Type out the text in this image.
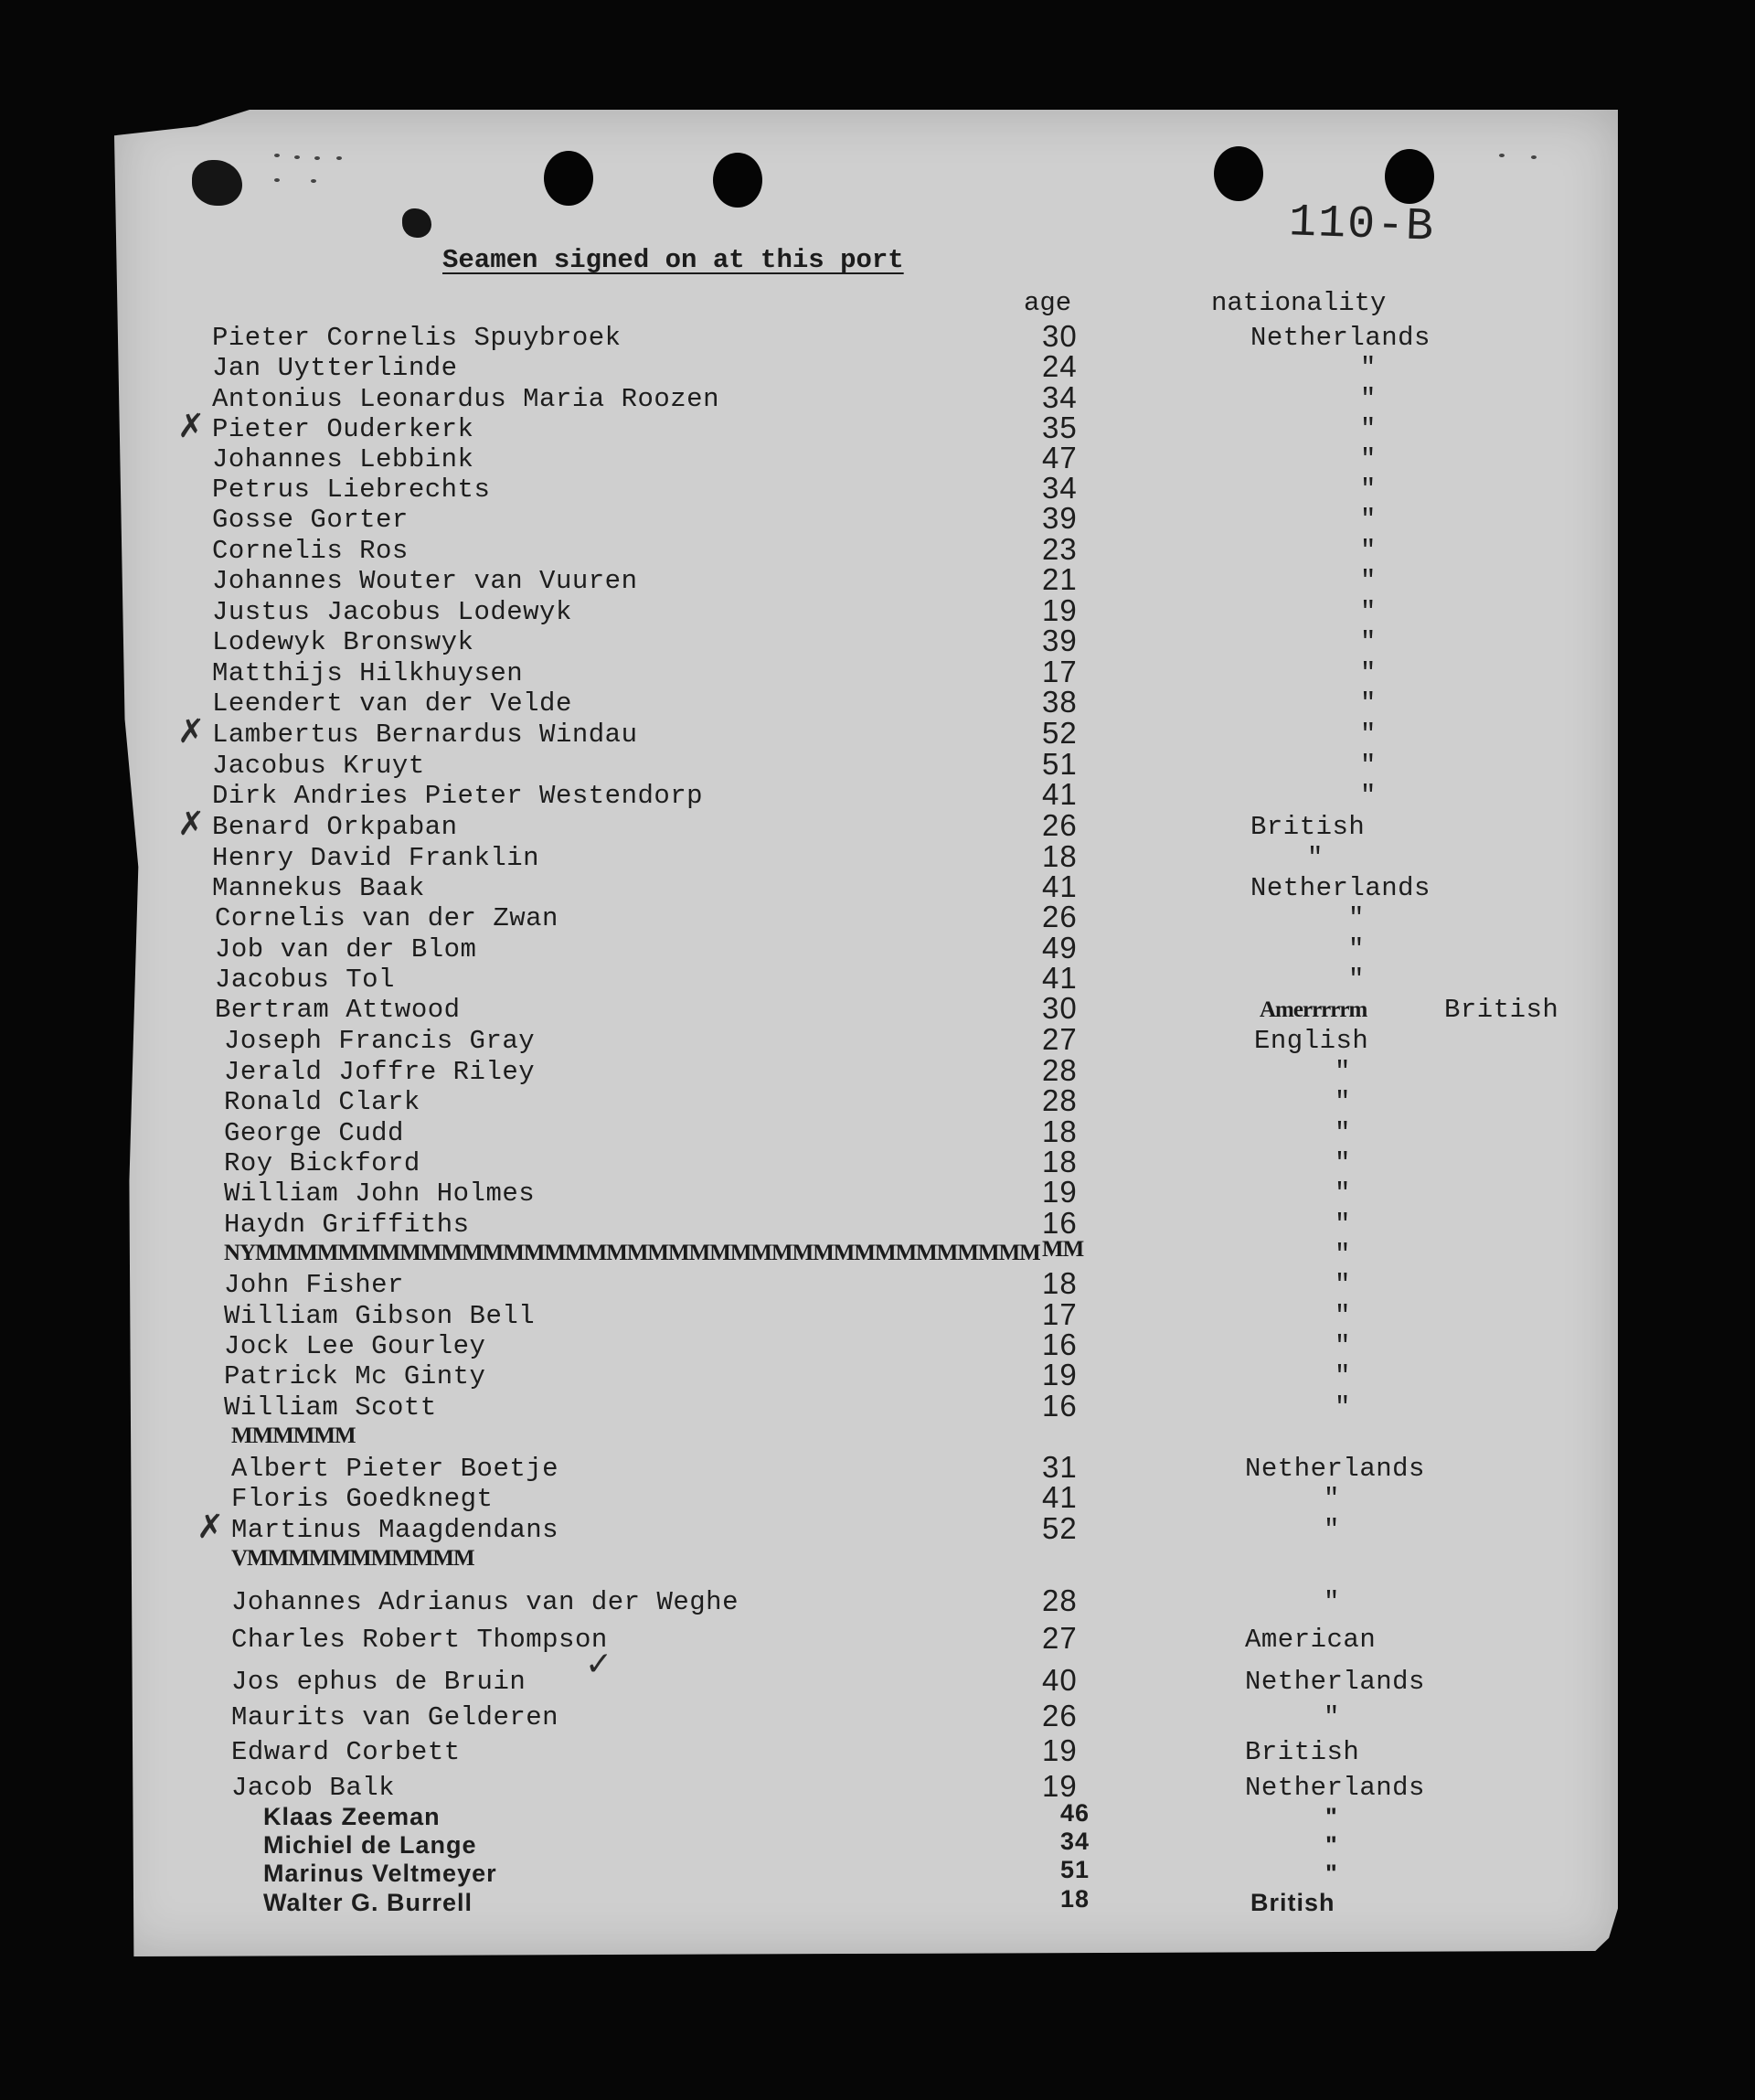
110-B
Seamen signed on at this port
age	nationality
Pieter Cornelis Spuybroek	30	Netherlands
Jan Uytterlinde	24	"
Antonius Leonardus Maria Roozen	34	"
Pieter Ouderkerk	35	"
✗
Johannes Lebbink	47	"
Petrus Liebrechts	34	"
Gosse Gorter	39	"
Cornelis Ros	23	"
Johannes Wouter van Vuuren	21	"
Justus Jacobus Lodewyk	19	"
Lodewyk Bronswyk	39	"
Matthijs Hilkhuysen	17	"
Leendert van der Velde	38	"
Lambertus Bernardus Windau	52	"
✗
Jacobus Kruyt	51	"
Dirk Andries Pieter Westendorp	41	"
Benard Orkpaban	26	British
✗
Henry David Franklin	18	"
Mannekus Baak	41	Netherlands
Cornelis van der Zwan	26	"
Job van der Blom	49	"
Jacobus Tol	41	"
Bertram Attwood	30	British
Amerrrrrm
Joseph Francis Gray	27	English
Jerald Joffre Riley	28	"
Ronald Clark	28	"
George Cudd	18	"
Roy Bickford	18	"
William John Holmes	19	"
Haydn Griffiths	16	"
NYMMMMMMMMMMMMMMMMMMMMMMMMMMMMMMMMMMMMMM MM	"
John Fisher	18	"
William Gibson Bell	17	"
Jock Lee Gourley	16	"
Patrick Mc Ginty	19	"
William Scott	16	"
MMMMMM
Albert Pieter Boetje	31	Netherlands
Floris Goedknegt	41	"
Martinus Maagdendans	52	"
✗
VMMMMMMMMMMM
Johannes Adrianus van der Weghe	28	"
Charles Robert Thompson	27	American
Jos ephus de Bruin	40	Netherlands
✓
Maurits van Gelderen	26	"
Edward Corbett	19	British
Jacob Balk	19	Netherlands
Klaas Zeeman	46	"
Michiel de Lange	34	"
Marinus Veltmeyer	51	"
Walter G. Burrell	18	British
